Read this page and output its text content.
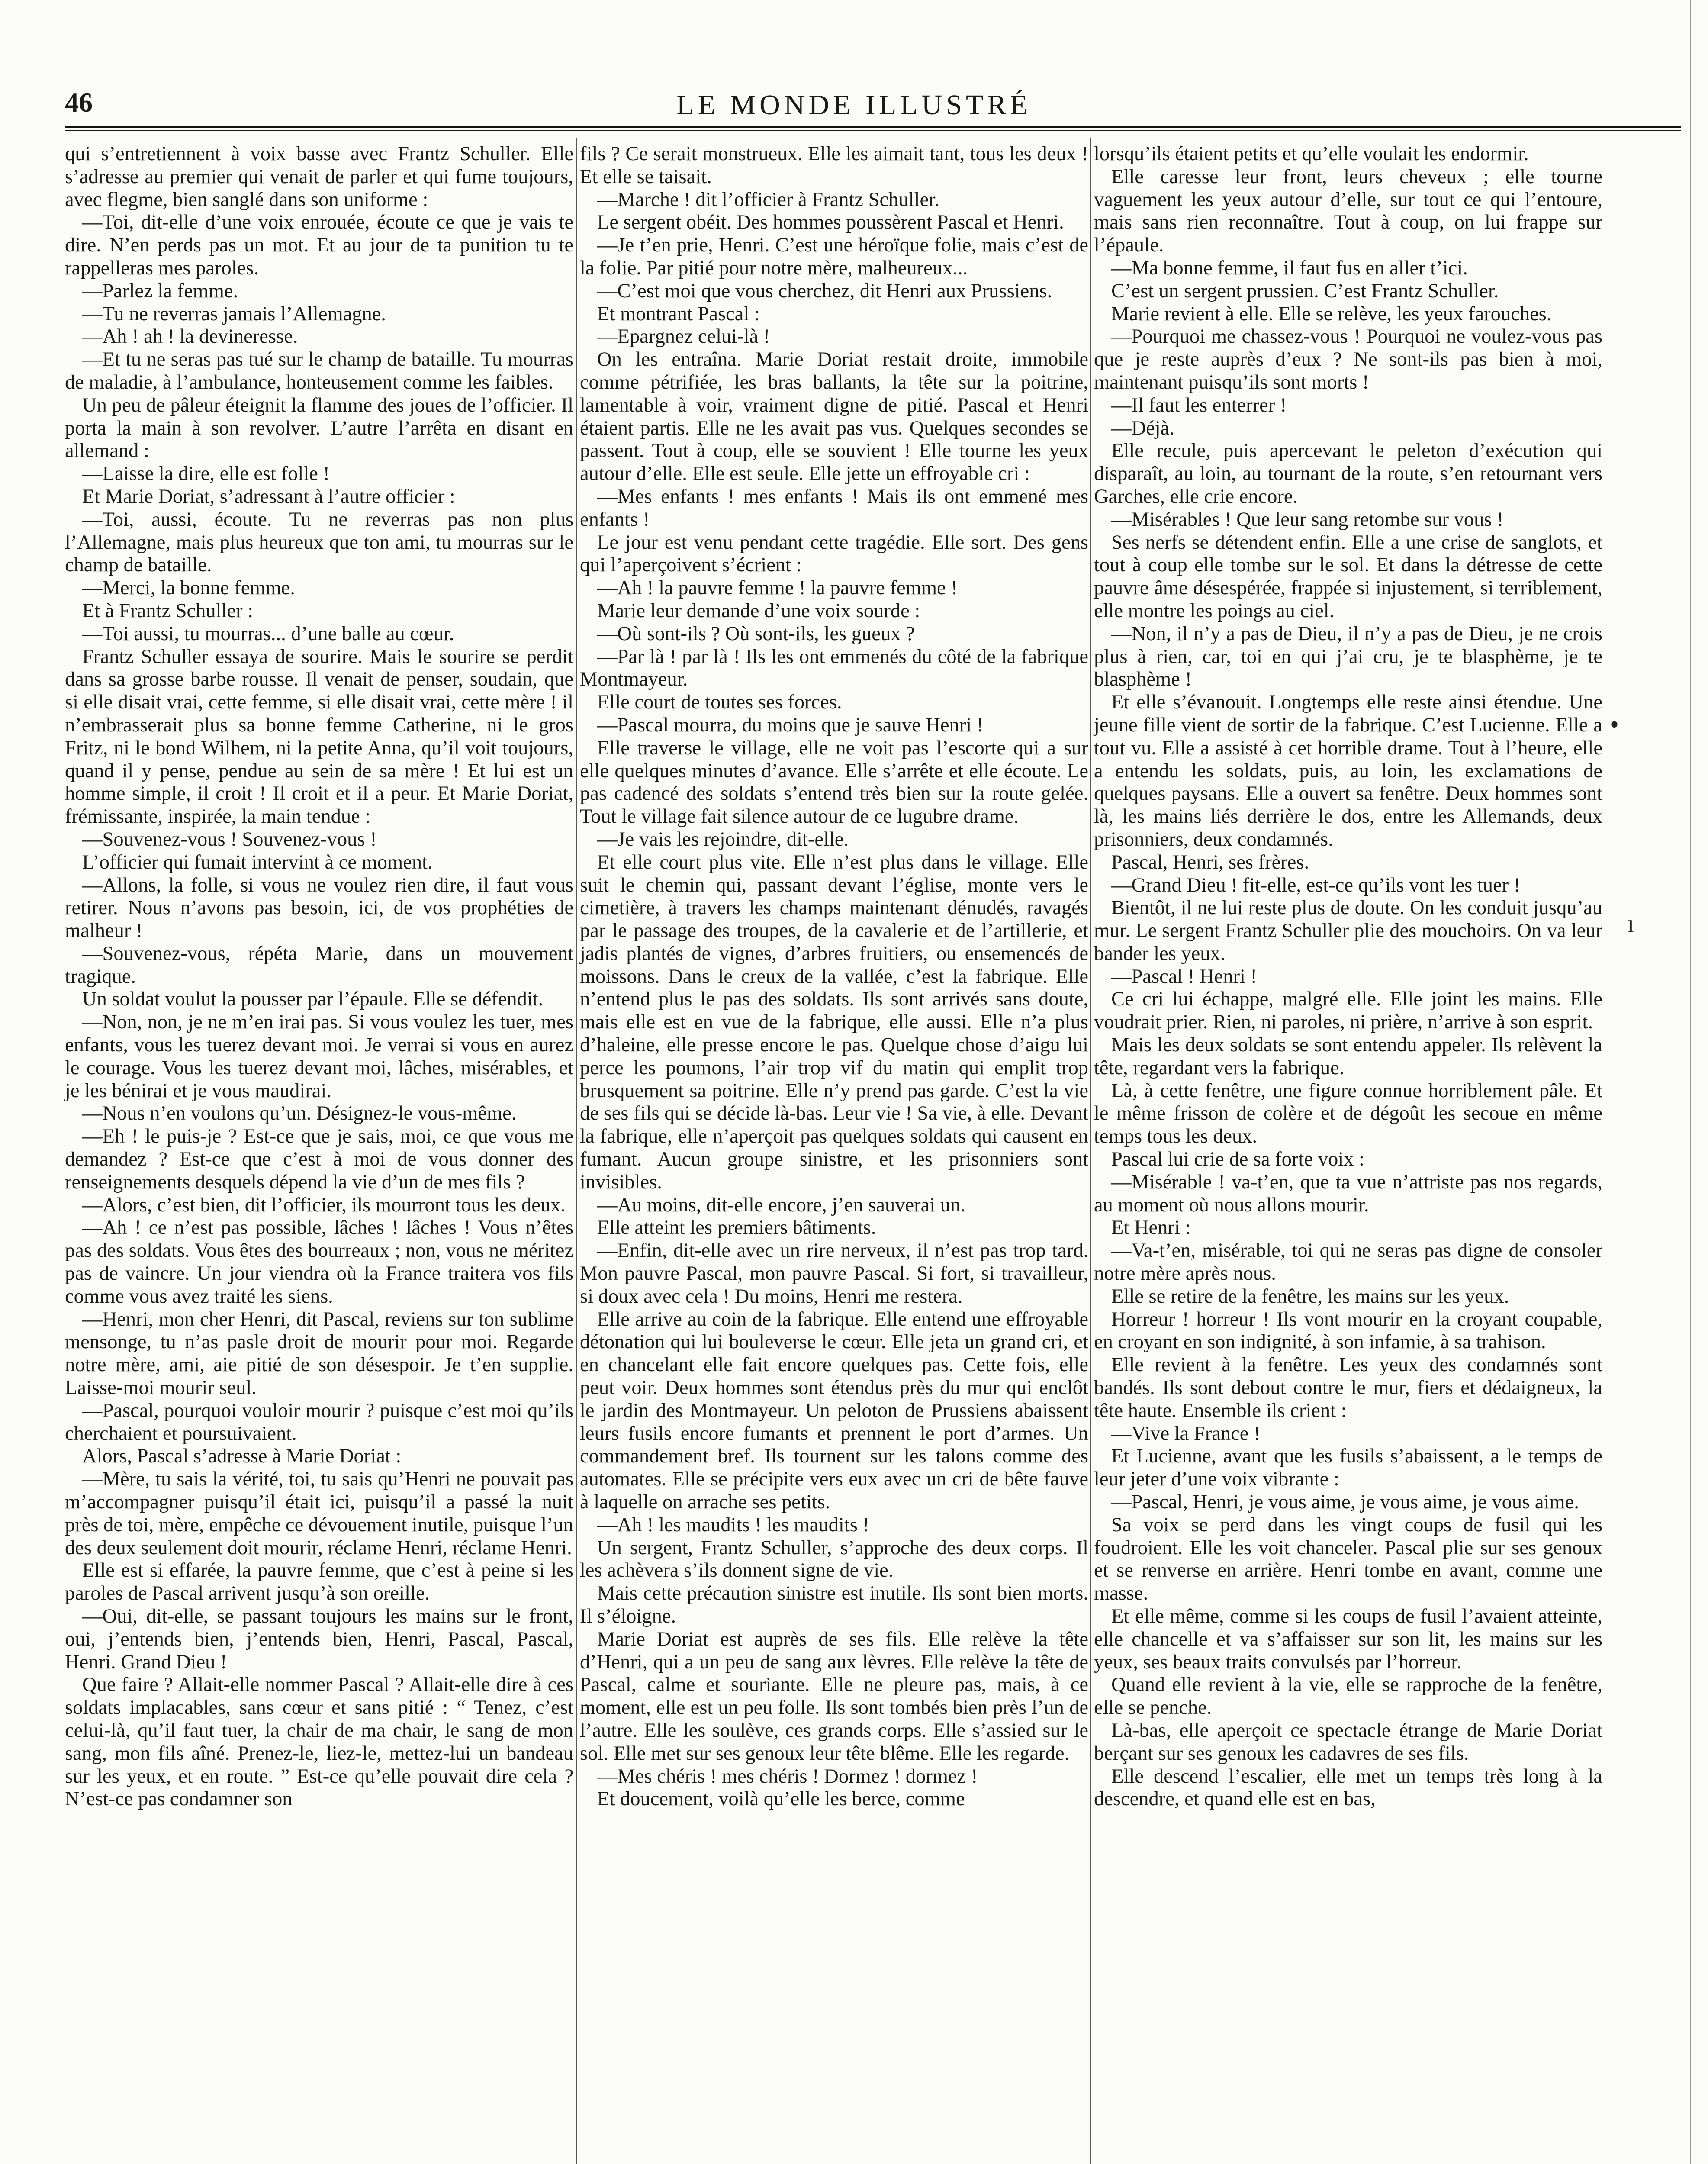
46	LE MONDE ILLUSTRÉ
•
ı

qui s’entretiennent à voix basse avec Frantz Schuller. Elle s’adresse au premier qui venait de parler et qui fume toujours, avec flegme, bien sanglé dans son uniforme :

—Toi, dit-elle d’une voix enrouée, écoute ce que je vais te dire. N’en perds pas un mot. Et au jour de ta punition tu te rappelleras mes paroles.

—Parlez la femme.

—Tu ne reverras jamais l’Allemagne.

—Ah ! ah ! la devineresse.

—Et tu ne seras pas tué sur le champ de bataille. Tu mourras de maladie, à l’ambulance, honteusement comme les faibles.

Un peu de pâleur éteignit la flamme des joues de l’officier. Il porta la main à son revolver. L’autre l’arrêta en disant en allemand :

—Laisse la dire, elle est folle !

Et Marie Doriat, s’adressant à l’autre officier :

—Toi, aussi, écoute. Tu ne reverras pas non plus l’Allemagne, mais plus heureux que ton ami, tu mourras sur le champ de bataille.

—Merci, la bonne femme.

Et à Frantz Schuller :

—Toi aussi, tu mourras... d’une balle au cœur.

Frantz Schuller essaya de sourire. Mais le sourire se perdit dans sa grosse barbe rousse. Il venait de penser, soudain, que si elle disait vrai, cette femme, si elle disait vrai, cette mère ! il n’embrasserait plus sa bonne femme Catherine, ni le gros Fritz, ni le bond Wilhem, ni la petite Anna, qu’il voit toujours, quand il y pense, pendue au sein de sa mère ! Et lui est un homme simple, il croit ! Il croit et il a peur. Et Marie Doriat, frémissante, inspirée, la main tendue :

—Souvenez-vous ! Souvenez-vous !

L’officier qui fumait intervint à ce moment.

—Allons, la folle, si vous ne voulez rien dire, il faut vous retirer. Nous n’avons pas besoin, ici, de vos prophéties de malheur !

—Souvenez-vous, répéta Marie, dans un mouvement tragique.

Un soldat voulut la pousser par l’épaule. Elle se défendit.

—Non, non, je ne m’en irai pas. Si vous voulez les tuer, mes enfants, vous les tuerez devant moi. Je verrai si vous en aurez le courage. Vous les tuerez devant moi, lâches, misérables, et je les bénirai et je vous maudirai.

—Nous n’en voulons qu’un. Désignez-le vous-même.

—Eh ! le puis-je ? Est-ce que je sais, moi, ce que vous me demandez ? Est-ce que c’est à moi de vous donner des renseignements desquels dépend la vie d’un de mes fils ?

—Alors, c’est bien, dit l’officier, ils mourront tous les deux.

—Ah ! ce n’est pas possible, lâches ! lâches ! Vous n’êtes pas des soldats. Vous êtes des bourreaux ; non, vous ne méritez pas de vaincre. Un jour viendra où la France traitera vos fils comme vous avez traité les siens.

—Henri, mon cher Henri, dit Pascal, reviens sur ton sublime mensonge, tu n’as pasle droit de mourir pour moi. Regarde notre mère, ami, aie pitié de son désespoir. Je t’en supplie. Laisse-moi mourir seul.

—Pascal, pourquoi vouloir mourir ? puisque c’est moi qu’ils cherchaient et poursuivaient.

Alors, Pascal s’adresse à Marie Doriat :

—Mère, tu sais la vérité, toi, tu sais qu’Henri ne pouvait pas m’accompagner puisqu’il était ici, puisqu’il a passé la nuit près de toi, mère, empêche ce dévouement inutile, puisque l’un des deux seulement doit mourir, réclame Henri, réclame Henri.

Elle est si effarée, la pauvre femme, que c’est à peine si les paroles de Pascal arrivent jusqu’à son oreille.

—Oui, dit-elle, se passant toujours les mains sur le front, oui, j’entends bien, j’entends bien, Henri, Pascal, Pascal, Henri. Grand Dieu !

Que faire ? Allait-elle nommer Pascal ? Allait-elle dire à ces soldats implacables, sans cœur et sans pitié : “ Tenez, c’est celui-là, qu’il faut tuer, la chair de ma chair, le sang de mon sang, mon fils aîné. Prenez-le, liez-le, mettez-lui un bandeau sur les yeux, et en route. ” Est-ce qu’elle pouvait dire cela ? N’est-ce pas condamner son

fils ? Ce serait monstrueux. Elle les aimait tant, tous les deux ! Et elle se taisait.

—Marche ! dit l’officier à Frantz Schuller.

Le sergent obéit. Des hommes poussèrent Pascal et Henri.

—Je t’en prie, Henri. C’est une héroïque folie, mais c’est de la folie. Par pitié pour notre mère, malheureux...

—C’est moi que vous cherchez, dit Henri aux Prussiens.

Et montrant Pascal :

—Epargnez celui-là !

On les entraîna. Marie Doriat restait droite, immobile comme pétrifiée, les bras ballants, la tête sur la poitrine, lamentable à voir, vraiment digne de pitié. Pascal et Henri étaient partis. Elle ne les avait pas vus. Quelques secondes se passent. Tout à coup, elle se souvient ! Elle tourne les yeux autour d’elle. Elle est seule. Elle jette un effroyable cri :

—Mes enfants ! mes enfants ! Mais ils ont emmené mes enfants !

Le jour est venu pendant cette tragédie. Elle sort. Des gens qui l’aperçoivent s’écrient :

—Ah ! la pauvre femme ! la pauvre femme !

Marie leur demande d’une voix sourde :

—Où sont-ils ? Où sont-ils, les gueux ?

—Par là ! par là ! Ils les ont emmenés du côté de la fabrique Montmayeur.

Elle court de toutes ses forces.

—Pascal mourra, du moins que je sauve Henri !

Elle traverse le village, elle ne voit pas l’escorte qui a sur elle quelques minutes d’avance. Elle s’arrête et elle écoute. Le pas cadencé des soldats s’entend très bien sur la route gelée. Tout le village fait silence autour de ce lugubre drame.

—Je vais les rejoindre, dit-elle.

Et elle court plus vite. Elle n’est plus dans le village. Elle suit le chemin qui, passant devant l’église, monte vers le cimetière, à travers les champs maintenant dénudés, ravagés par le passage des troupes, de la cavalerie et de l’artillerie, et jadis plantés de vignes, d’arbres fruitiers, ou ensemencés de moissons. Dans le creux de la vallée, c’est la fabrique. Elle n’entend plus le pas des soldats. Ils sont arrivés sans doute, mais elle est en vue de la fabrique, elle aussi. Elle n’a plus d’haleine, elle presse encore le pas. Quelque chose d’aigu lui perce les poumons, l’air trop vif du matin qui emplit trop brusquement sa poitrine. Elle n’y prend pas garde. C’est la vie de ses fils qui se décide là-bas. Leur vie ! Sa vie, à elle. Devant la fabrique, elle n’aperçoit pas quelques soldats qui causent en fumant. Aucun groupe sinistre, et les prisonniers sont invisibles.

—Au moins, dit-elle encore, j’en sauverai un.

Elle atteint les premiers bâtiments.

—Enfin, dit-elle avec un rire nerveux, il n’est pas trop tard. Mon pauvre Pascal, mon pauvre Pascal. Si fort, si travailleur, si doux avec cela ! Du moins, Henri me restera.

Elle arrive au coin de la fabrique. Elle entend une effroyable détonation qui lui bouleverse le cœur. Elle jeta un grand cri, et en chancelant elle fait encore quelques pas. Cette fois, elle peut voir. Deux hommes sont étendus près du mur qui enclôt le jardin des Montmayeur. Un peloton de Prussiens abaissent leurs fusils encore fumants et prennent le port d’armes. Un commandement bref. Ils tournent sur les talons comme des automates. Elle se précipite vers eux avec un cri de bête fauve à laquelle on arrache ses petits.

—Ah ! les maudits ! les maudits !

Un sergent, Frantz Schuller, s’approche des deux corps. Il les achèvera s’ils donnent signe de vie.

Mais cette précaution sinistre est inutile. Ils sont bien morts. Il s’éloigne.

Marie Doriat est auprès de ses fils. Elle relève la tête d’Henri, qui a un peu de sang aux lèvres. Elle relève la tête de Pascal, calme et souriante. Elle ne pleure pas, mais, à ce moment, elle est un peu folle. Ils sont tombés bien près l’un de l’autre. Elle les soulève, ces grands corps. Elle s’assied sur le sol. Elle met sur ses genoux leur tête blême. Elle les regarde.

—Mes chéris ! mes chéris ! Dormez ! dormez !

Et doucement, voilà qu’elle les berce, comme

lorsqu’ils étaient petits et qu’elle voulait les endormir.

Elle caresse leur front, leurs cheveux ; elle tourne vaguement les yeux autour d’elle, sur tout ce qui l’entoure, mais sans rien reconnaître. Tout à coup, on lui frappe sur l’épaule.

—Ma bonne femme, il faut fus en aller t’ici.

C’est un sergent prussien. C’est Frantz Schuller.

Marie revient à elle. Elle se relève, les yeux farouches.

—Pourquoi me chassez-vous ! Pourquoi ne voulez-vous pas que je reste auprès d’eux ? Ne sont-ils pas bien à moi, maintenant puisqu’ils sont morts !

—Il faut les enterrer !

—Déjà.

Elle recule, puis apercevant le peleton d’exécution qui disparaît, au loin, au tournant de la route, s’en retournant vers Garches, elle crie encore.

—Misérables ! Que leur sang retombe sur vous !

Ses nerfs se détendent enfin. Elle a une crise de sanglots, et tout à coup elle tombe sur le sol. Et dans la détresse de cette pauvre âme désespérée, frappée si injustement, si terriblement, elle montre les poings au ciel.

—Non, il n’y a pas de Dieu, il n’y a pas de Dieu, je ne crois plus à rien, car, toi en qui j’ai cru, je te blasphème, je te blasphème !

Et elle s’évanouit. Longtemps elle reste ainsi étendue. Une jeune fille vient de sortir de la fabrique. C’est Lucienne. Elle a tout vu. Elle a assisté à cet horrible drame. Tout à l’heure, elle a entendu les soldats, puis, au loin, les exclamations de quelques paysans. Elle a ouvert sa fenêtre. Deux hommes sont là, les mains liés derrière le dos, entre les Allemands, deux prisonniers, deux condamnés.

Pascal, Henri, ses frères.

—Grand Dieu ! fit-elle, est-ce qu’ils vont les tuer !

Bientôt, il ne lui reste plus de doute. On les conduit jusqu’au mur. Le sergent Frantz Schuller plie des mouchoirs. On va leur bander les yeux.

—Pascal ! Henri !

Ce cri lui échappe, malgré elle. Elle joint les mains. Elle voudrait prier. Rien, ni paroles, ni prière, n’arrive à son esprit.

Mais les deux soldats se sont entendu appeler. Ils relèvent la tête, regardant vers la fabrique.

Là, à cette fenêtre, une figure connue horriblement pâle. Et le même frisson de colère et de dégoût les secoue en même temps tous les deux.

Pascal lui crie de sa forte voix :

—Misérable ! va-t’en, que ta vue n’attriste pas nos regards, au moment où nous allons mourir.

Et Henri :

—Va-t’en, misérable, toi qui ne seras pas digne de consoler notre mère après nous.

Elle se retire de la fenêtre, les mains sur les yeux.

Horreur ! horreur ! Ils vont mourir en la croyant coupable, en croyant en son indignité, à son infamie, à sa trahison.

Elle revient à la fenêtre. Les yeux des condamnés sont bandés. Ils sont debout contre le mur, fiers et dédaigneux, la tête haute. Ensemble ils crient :

—Vive la France !

Et Lucienne, avant que les fusils s’abaissent, a le temps de leur jeter d’une voix vibrante :

—Pascal, Henri, je vous aime, je vous aime, je vous aime.

Sa voix se perd dans les vingt coups de fusil qui les foudroient. Elle les voit chanceler. Pascal plie sur ses genoux et se renverse en arrière. Henri tombe en avant, comme une masse.

Et elle même, comme si les coups de fusil l’avaient atteinte, elle chancelle et va s’affaisser sur son lit, les mains sur les yeux, ses beaux traits convulsés par l’horreur.

Quand elle revient à la vie, elle se rapproche de la fenêtre, elle se penche.

Là-bas, elle aperçoit ce spectacle étrange de Marie Doriat berçant sur ses genoux les cadavres de ses fils.

Elle descend l’escalier, elle met un temps très long à la descendre, et quand elle est en bas,
